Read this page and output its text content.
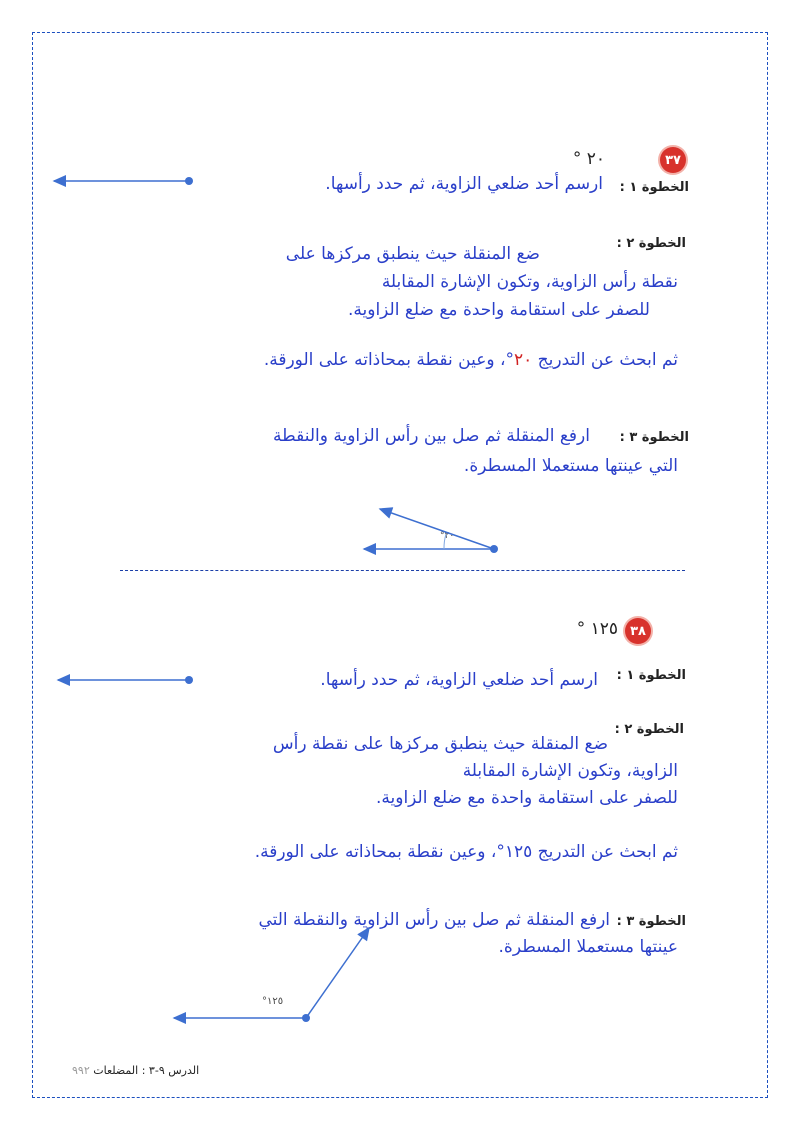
٣٧
٢٠ °
الخطوة ١ :
ارسم أحد ضلعي الزاوية، ثم حدد رأسها.
الخطوة ٢ :
ضع المنقلة حيث ينطبق مركزها على
نقطة رأس الزاوية، وتكون الإشارة المقابلة
للصفر على استقامة واحدة مع ضلع الزاوية.
ثم ابحث عن التدريج ٢٠°، وعين نقطة بمحاذاته على الورقة.
الخطوة ٣ :
ارفع المنقلة ثم صل بين رأس الزاوية والنقطة
التي عينتها مستعملا المسطرة.
°٢٠
٣٨
١٢٥ °
الخطوة ١ :
ارسم أحد ضلعي الزاوية، ثم حدد رأسها.
الخطوة ٢ :
ضع المنقلة حيث ينطبق مركزها على نقطة رأس
الزاوية، وتكون الإشارة المقابلة
للصفر على استقامة واحدة مع ضلع الزاوية.
ثم ابحث عن التدريج ١٢٥°، وعين نقطة بمحاذاته على الورقة.
الخطوة ٣ :
ارفع المنقلة ثم صل بين رأس الزاوية والنقطة التي
عينتها مستعملا المسطرة.
°١٢٥
الدرس ٩-٣ : المضلعات ٩٩٢
